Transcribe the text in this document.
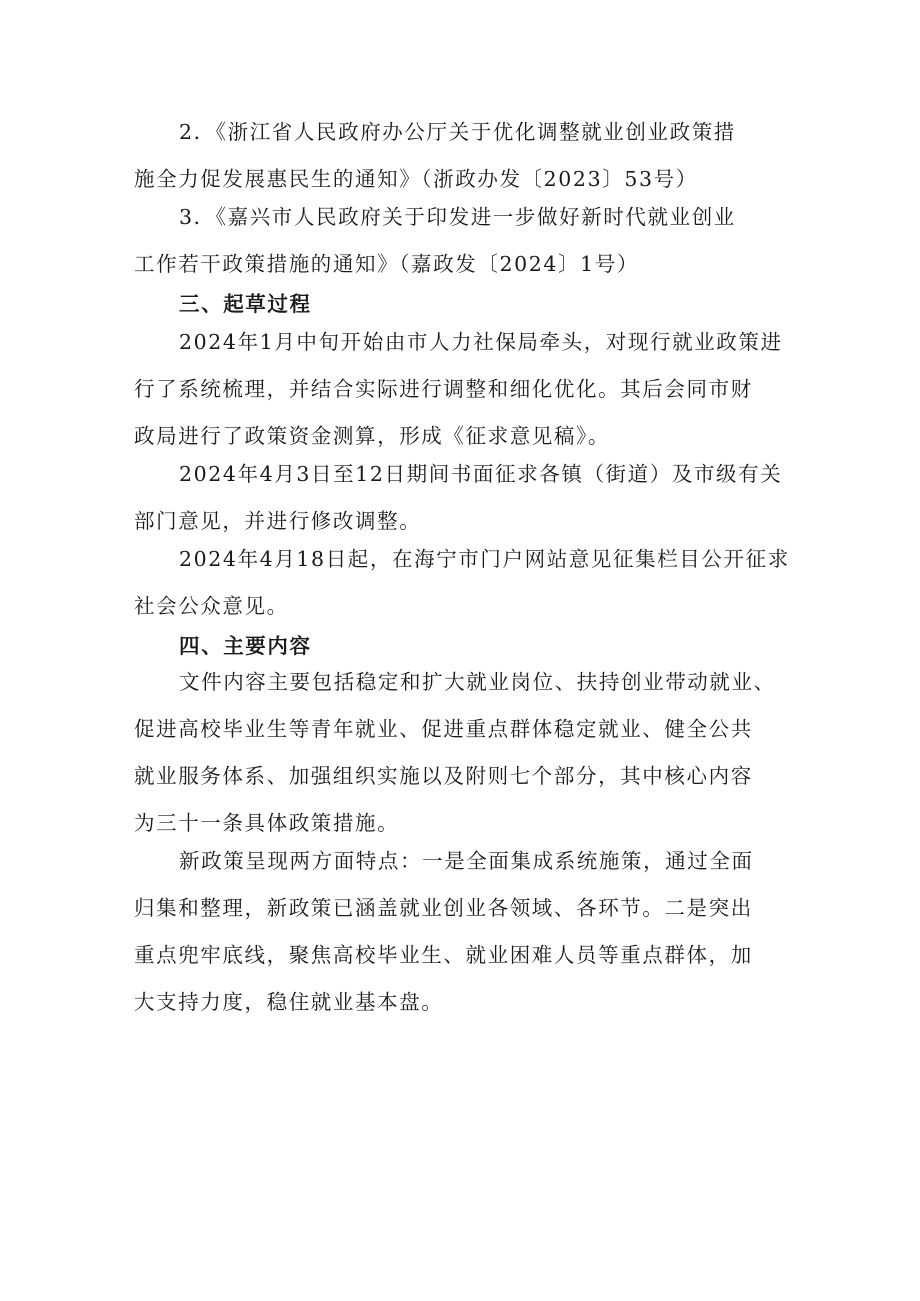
2．《浙江省人民政府办公厅关于优化调整就业创业政策措
施全力促发展惠民生的通知》（浙政办发〔2023〕53号）
3．《嘉兴市人民政府关于印发进一步做好新时代就业创业
工作若干政策措施的通知》（嘉政发〔2024〕1号）
三、起草过程
2024年1月中旬开始由市人力社保局牵头，对现行就业政策进
行了系统梳理，并结合实际进行调整和细化优化。其后会同市财
政局进行了政策资金测算，形成《征求意见稿》。
2024年4月3日至12日期间书面征求各镇（街道）及市级有关
部门意见，并进行修改调整。
2024年4月18日起，在海宁市门户网站意见征集栏目公开征求
社会公众意见。
四、主要内容
文件内容主要包括稳定和扩大就业岗位、扶持创业带动就业、
促进高校毕业生等青年就业、促进重点群体稳定就业、健全公共
就业服务体系、加强组织实施以及附则七个部分，其中核心内容
为三十一条具体政策措施。
新政策呈现两方面特点：一是全面集成系统施策，通过全面
归集和整理，新政策已涵盖就业创业各领域、各环节。二是突出
重点兜牢底线，聚焦高校毕业生、就业困难人员等重点群体，加
大支持力度，稳住就业基本盘。
